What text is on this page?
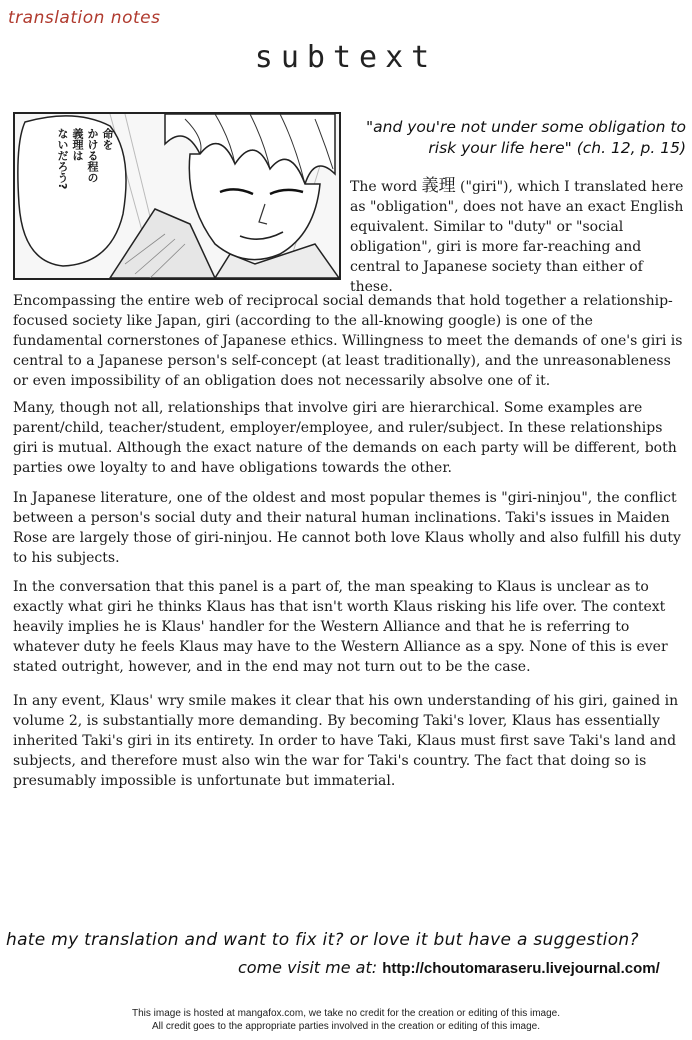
translation notes
subtext
命を
かける程の
義理は
ないだろう?
"and you're not under some obligation to risk your life here" (ch. 12, p. 15)
The word 義理 ("giri"), which I translated here as "obligation", does not have an exact English equivalent. Similar to "duty" or "social obligation", giri is more far-reaching and central to Japanese society than either of these.
Encompassing the entire web of reciprocal social demands that hold together a relationship-focused society like Japan, giri (according to the all-knowing google) is one of the fundamental cornerstones of Japanese ethics. Willingness to meet the demands of one's giri is central to a Japanese person's self-concept (at least traditionally), and the unreasonableness or even impossibility of an obligation does not necessarily absolve one of it.
Many, though not all, relationships that involve giri are hierarchical. Some examples are parent/child, teacher/student, employer/employee, and ruler/subject. In these relationships giri is mutual. Although the exact nature of the demands on each party will be different, both parties owe loyalty to and have obligations towards the other.
In Japanese literature, one of the oldest and most popular themes is "giri-ninjou", the conflict between a person's social duty and their natural human inclinations. Taki's issues in Maiden Rose are largely those of giri-ninjou. He cannot both love Klaus wholly and also fulfill his duty to his subjects.
In the conversation that this panel is a part of, the man speaking to Klaus is unclear as to exactly what giri he thinks Klaus has that isn't worth Klaus risking his life over. The context heavily implies he is Klaus' handler for the Western Alliance and that he is referring to whatever duty he feels Klaus may have to the Western Alliance as a spy. None of this is ever stated outright, however, and in the end may not turn out to be the case.
In any event, Klaus' wry smile makes it clear that his own understanding of his giri, gained in volume 2, is substantially more demanding. By becoming Taki's lover, Klaus has essentially inherited Taki's giri in its entirety. In order to have Taki, Klaus must first save Taki's land and subjects, and therefore must also win the war for Taki's country. The fact that doing so is presumably impossible is unfortunate but immaterial.
hate my translation and want to fix it? or love it but have a suggestion?
come visit me at: http://choutomaraseru.livejournal.com/
This image is hosted at mangafox.com, we take no credit for the creation or editing of this image.
All credit goes to the appropriate parties involved in the creation or editing of this image.
